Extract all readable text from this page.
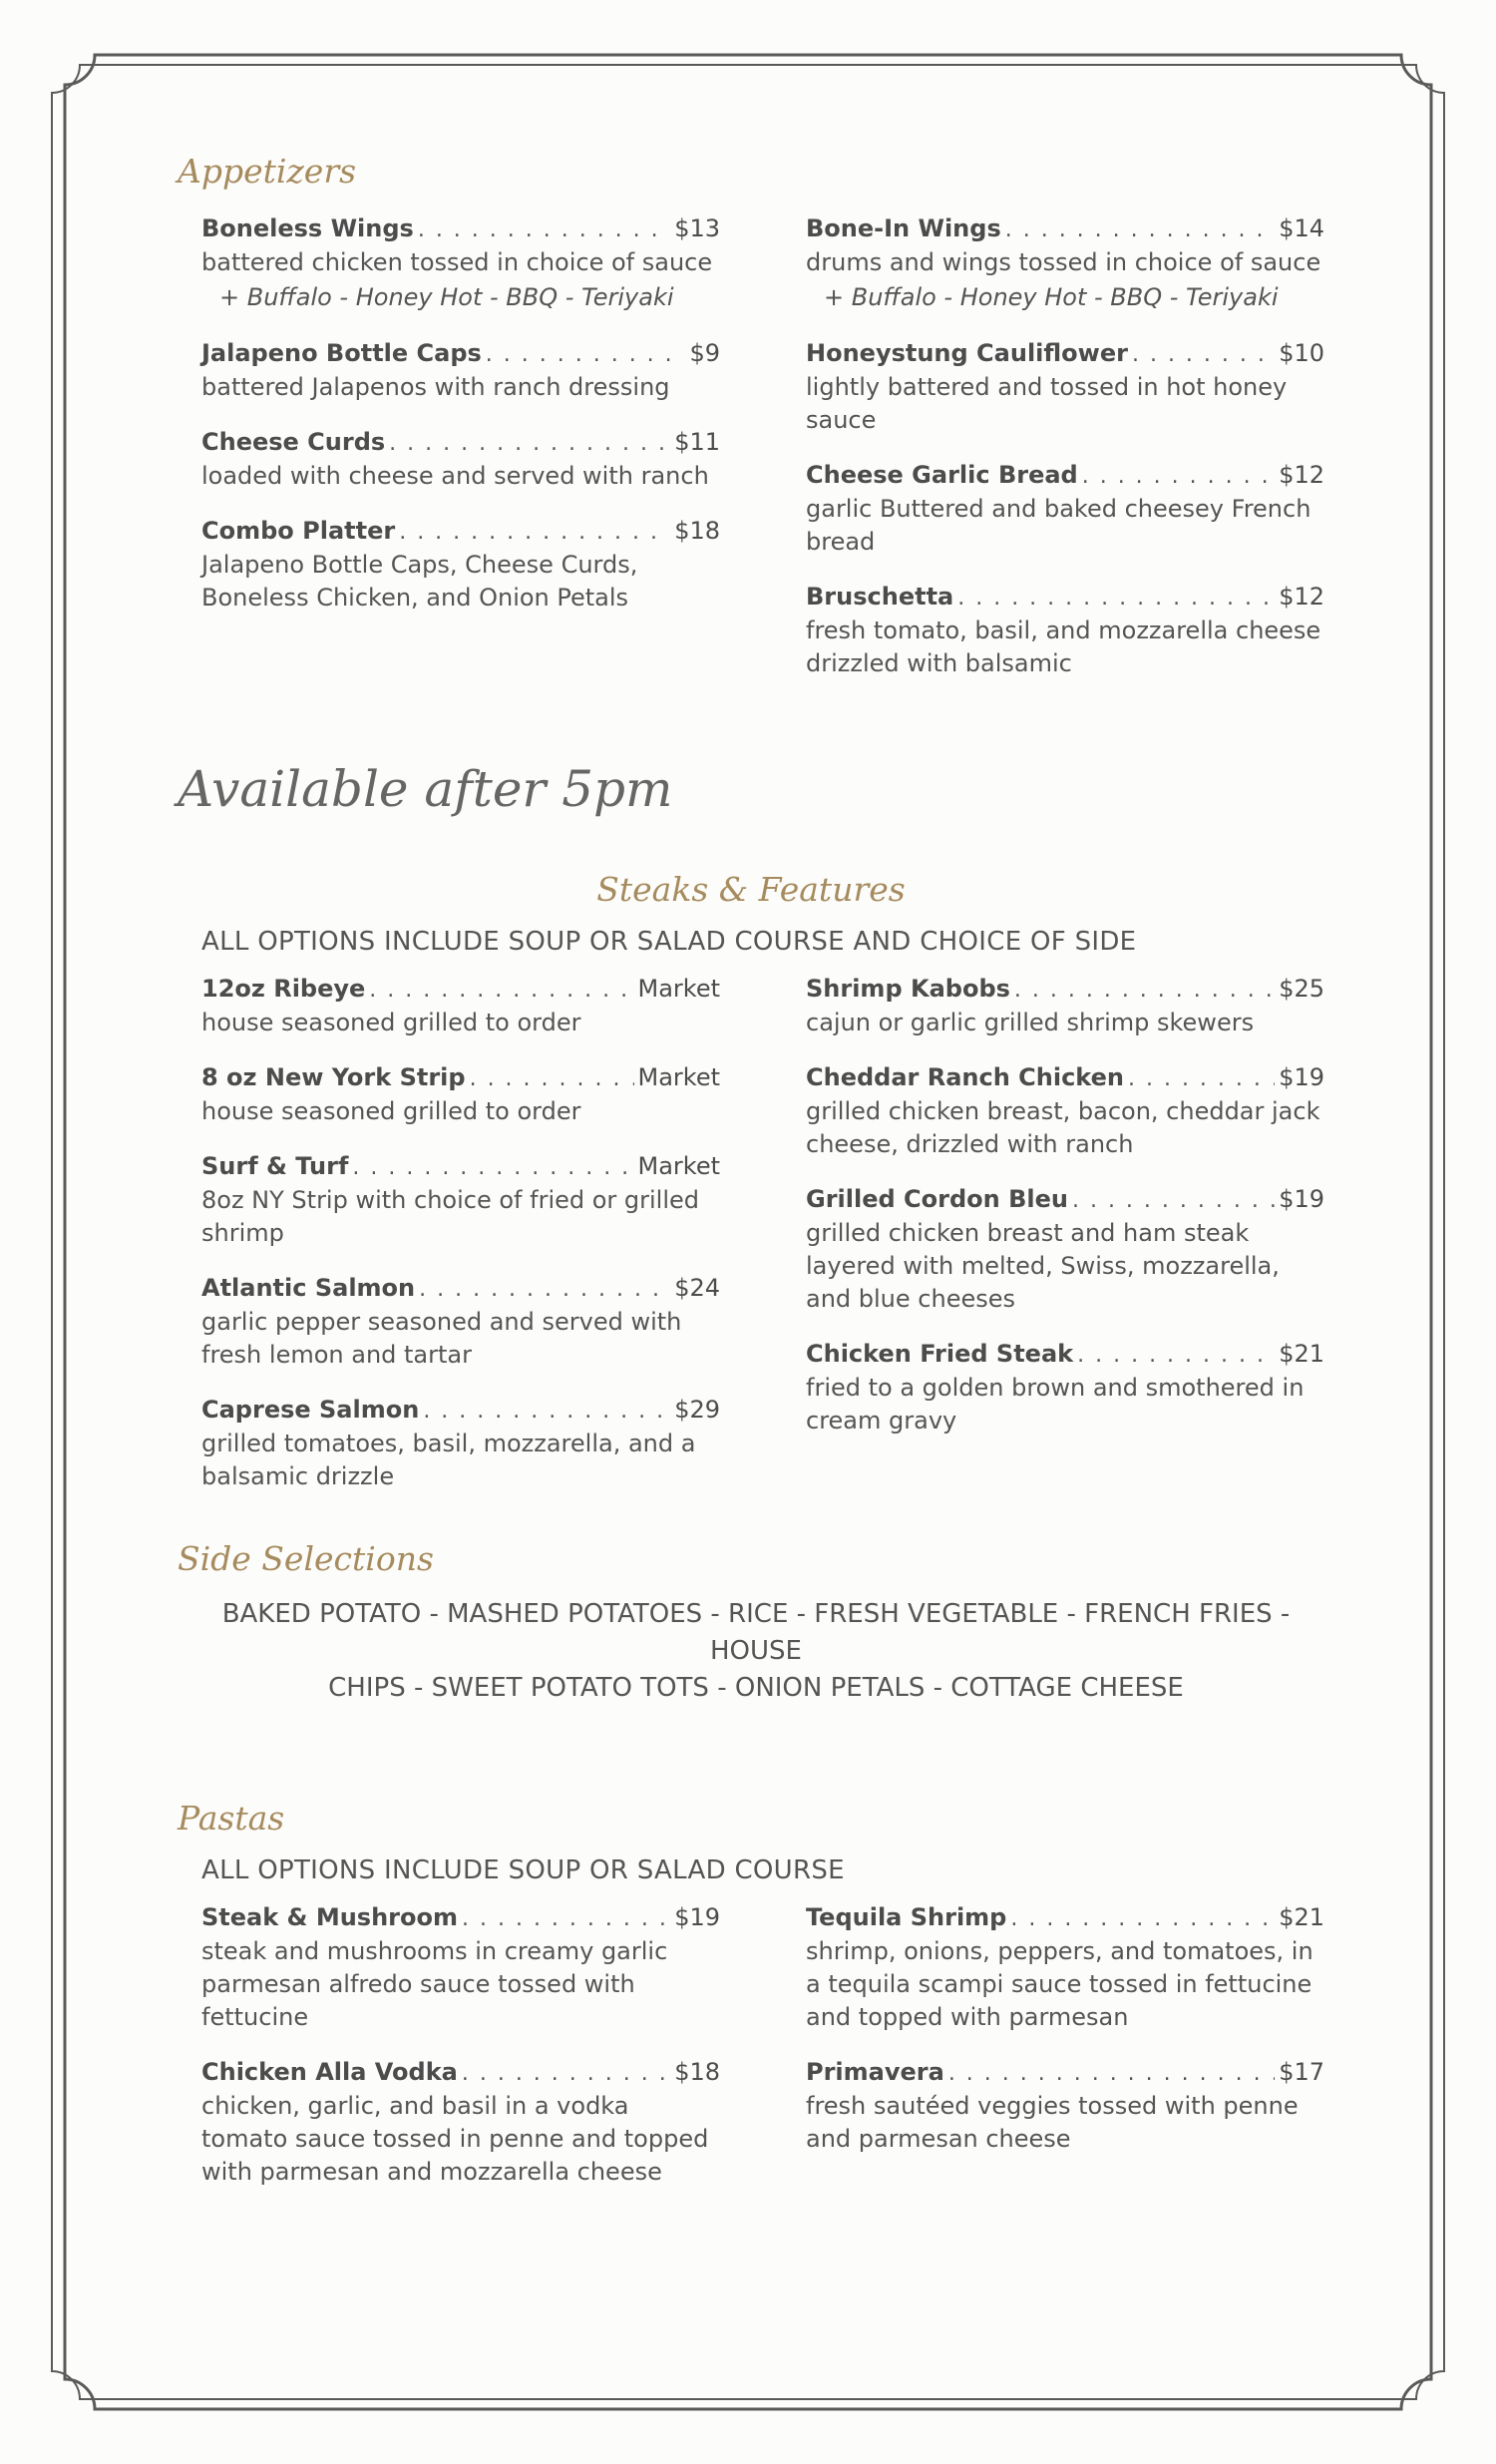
Appetizers
Boneless Wings . . .	$13
battered chicken tossed in choice of sauce
+ Buffalo - Honey Hot - BBQ - Teriyaki
Jalapeno Bottle Caps . . .	$9
battered Jalapenos with ranch dressing
Cheese Curds . . .	$11
loaded with cheese and served with ranch
Combo Platter . . .	$18
Jalapeno Bottle Caps, Cheese Curds, Boneless Chicken, and Onion Petals
Bone-In Wings . . .	$14
drums and wings tossed in choice of sauce
+ Buffalo - Honey Hot - BBQ - Teriyaki
Honeystung Cauliflower . . .	$10
lightly battered and tossed in hot honey sauce
Cheese Garlic Bread . . .	$12
garlic Buttered and baked cheesey French bread
Bruschetta . . .	$12
fresh tomato, basil, and mozzarella cheese drizzled with balsamic
Available after 5pm
Steaks & Features
ALL OPTIONS INCLUDE SOUP OR SALAD COURSE AND CHOICE OF SIDE
12oz Ribeye . . .	Market
house seasoned grilled to order
8 oz New York Strip . . .	Market
house seasoned grilled to order
Surf & Turf . . .	Market
8oz NY Strip with choice of fried or grilled shrimp
Atlantic Salmon . . .	$24
garlic pepper seasoned and served with fresh lemon and tartar
Caprese Salmon . . .	$29
grilled tomatoes, basil, mozzarella, and a balsamic drizzle
Shrimp Kabobs . . .	$25
cajun or garlic grilled shrimp skewers
Cheddar Ranch Chicken . . .	$19
grilled chicken breast, bacon, cheddar jack cheese, drizzled with ranch
Grilled Cordon Bleu . . .	$19
grilled chicken breast and ham steak layered with melted, Swiss, mozzarella, and blue cheeses
Chicken Fried Steak . . .	$21
fried to a golden brown and smothered in cream gravy
Side Selections
BAKED POTATO - MASHED POTATOES - RICE - FRESH VEGETABLE - FRENCH FRIES - HOUSE
CHIPS - SWEET POTATO TOTS - ONION PETALS - COTTAGE CHEESE
Pastas
ALL OPTIONS INCLUDE SOUP OR SALAD COURSE
Steak & Mushroom . . .	$19
steak and mushrooms in creamy garlic parmesan alfredo sauce tossed with fettucine
Chicken Alla Vodka . . .	$18
chicken, garlic, and basil in a vodka tomato sauce tossed in penne and topped with parmesan and mozzarella cheese
Tequila Shrimp . . .	$21
shrimp, onions, peppers, and tomatoes, in a tequila scampi sauce tossed in fettucine and topped with parmesan
Primavera . . .	$17
fresh sautéed veggies tossed with penne and parmesan cheese
